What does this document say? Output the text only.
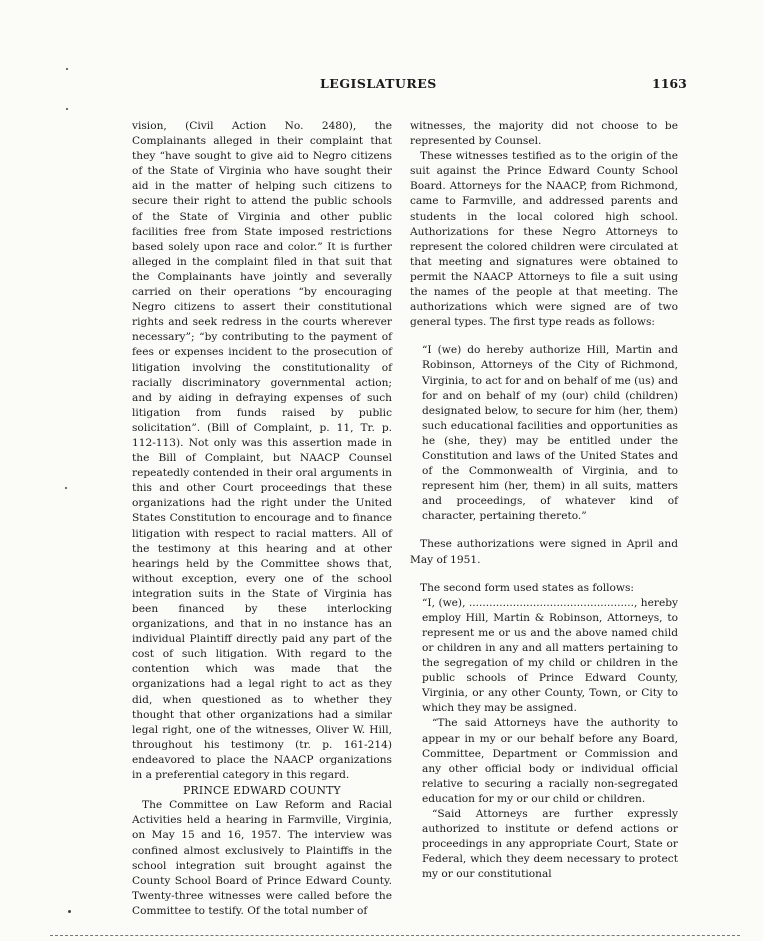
LEGISLATURES	1163

vision, (Civil Action No. 2480), the Complainants alleged in their complaint that they “have sought to give aid to Negro citizens of the State of Virginia who have sought their aid in the matter of helping such citizens to secure their right to attend the public schools of the State of Virginia and other public facilities free from State imposed restrictions based solely upon race and color.” It is further alleged in the complaint filed in that suit that the Complainants have jointly and severally carried on their operations “by encouraging Negro citizens to assert their constitutional rights and seek redress in the courts wherever necessary”; “by contributing to the payment of fees or expenses incident to the prosecution of litigation involving the constitutionality of racially discriminatory governmental action; and by aiding in defraying expenses of such litigation from funds raised by public solicitation”. (Bill of Complaint, p. 11, Tr. p. 112-113). Not only was this assertion made in the Bill of Complaint, but NAACP Counsel repeatedly contended in their oral arguments in this and other Court proceedings that these organizations had the right under the United States Constitution to encourage and to finance litigation with respect to racial matters. All of the testimony at this hearing and at other hearings held by the Committee shows that, without exception, every one of the school integration suits in the State of Virginia has been financed by these interlocking organizations, and that in no instance has an individual Plaintiff directly paid any part of the cost of such litigation. With regard to the contention which was made that the organizations had a legal right to act as they did, when questioned as to whether they thought that other organizations had a similar legal right, one of the witnesses, Oliver W. Hill, throughout his testimony (tr. p. 161-214) endeavored to place the NAACP organizations in a preferential category in this regard.

PRINCE EDWARD COUNTY

The Committee on Law Reform and Racial Activities held a hearing in Farmville, Virginia, on May 15 and 16, 1957. The interview was confined almost exclusively to Plaintiffs in the school integration suit brought against the County School Board of Prince Edward County. Twenty-three witnesses were called before the Committee to testify. Of the total number of

witnesses, the majority did not choose to be represented by Counsel.

These witnesses testified as to the origin of the suit against the Prince Edward County School Board. Attorneys for the NAACP, from Richmond, came to Farmville, and addressed parents and students in the local colored high school. Authorizations for these Negro Attorneys to represent the colored children were circulated at that meeting and signatures were obtained to permit the NAACP Attorneys to file a suit using the names of the people at that meeting. The authorizations which were signed are of two general types. The first type reads as follows:

“I (we) do hereby authorize Hill, Martin and Robinson, Attorneys of the City of Richmond, Virginia, to act for and on behalf of me (us) and for and on behalf of my (our) child (children) designated below, to secure for him (her, them) such educational facilities and opportunities as he (she, they) may be entitled under the Constitution and laws of the United States and of the Commonwealth of Virginia, and to represent him (her, them) in all suits, matters and proceedings, of whatever kind of character, pertaining thereto.”

These authorizations were signed in April and May of 1951.

The second form used states as follows:

“I, (we), ................................................., hereby employ Hill, Martin & Robinson, Attorneys, to represent me or us and the above named child or children in any and all matters pertaining to the segregation of my child or children in the public schools of Prince Edward County, Virginia, or any other County, Town, or City to which they may be assigned.

“The said Attorneys have the authority to appear in my or our behalf before any Board, Committee, Department or Commission and any other official body or individual official relative to securing a racially non-segregated education for my or our child or children.

“Said Attorneys are further expressly authorized to institute or defend actions or proceedings in any appropriate Court, State or Federal, which they deem necessary to protect my or our constitutional
